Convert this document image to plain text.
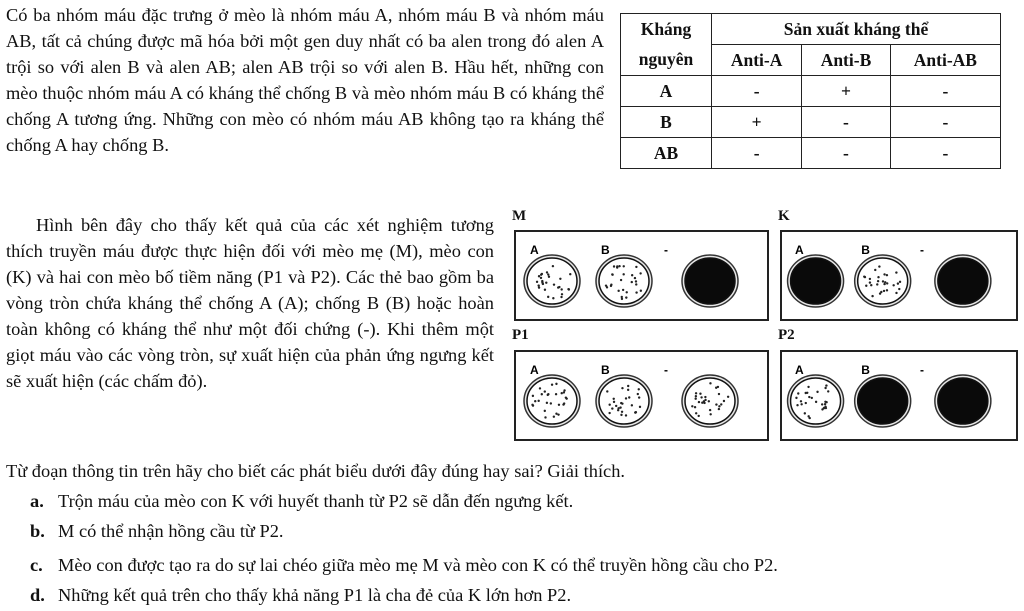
Có ba nhóm máu đặc trưng ở mèo là nhóm máu A, nhóm máu B và nhóm máu AB, tất cả chúng được mã hóa bởi một gen duy nhất có ba alen trong đó alen A trội so với alen B và alen AB; alen AB trội so với alen B. Hầu hết, những con mèo thuộc nhóm máu A có kháng thể chống B và mèo nhóm máu B có kháng thể chống A tương ứng. Những con mèo có nhóm máu AB không tạo ra kháng thể chống A hay chống B.

Hình bên đây cho thấy kết quả của các xét nghiệm tương thích truyền máu được thực hiện đối với mèo mẹ (M), mèo con (K) và hai con mèo bố tiềm năng (P1 và P2). Các thẻ bao gồm ba vòng tròn chứa kháng thể chống A (A); chống B (B) hoặc hoàn toàn không có kháng thể như một đối chứng (-). Khi thêm một giọt máu vào các vòng tròn, sự xuất hiện của phản ứng ngưng kết sẽ xuất hiện (các chấm đỏ).

Kháng	Sản xuất kháng thể		
nguyên	Anti-A	Anti-B	Anti-AB
A	-	+	-
B	+	-	-
AB	-	-	-
M	K
P1	P2
A	B	-	A	B	-
A	B	-	A	B	-
Từ đoạn thông tin trên hãy cho biết các phát biểu dưới đây đúng hay sai? Giải thích.
a. Trộn máu của mèo con K với huyết thanh từ P2 sẽ dẫn đến ngưng kết.
b. M có thể nhận hồng cầu từ P2.
c. Mèo con được tạo ra do sự lai chéo giữa mèo mẹ M và mèo con K có thể truyền hồng cầu cho P2.
d. Những kết quả trên cho thấy khả năng P1 là cha đẻ của K lớn hơn P2.
